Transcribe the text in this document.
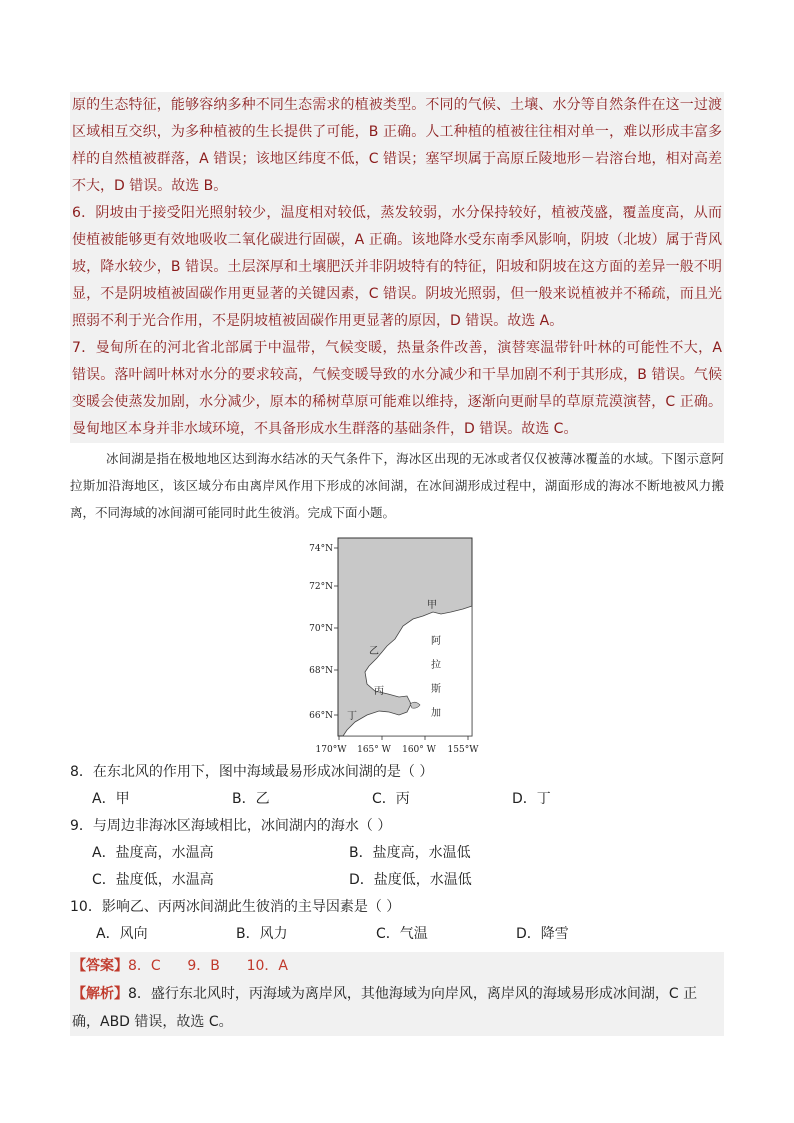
原的生态特征，能够容纳多种不同生态需求的植被类型。不同的气候、土壤、水分等自然条件在这一过渡区域相互交织，为多种植被的生长提供了可能，B 正确。人工种植的植被往往相对单一，难以形成丰富多样的自然植被群落，A 错误；该地区纬度不低，C 错误；塞罕坝属于高原丘陵地形－岩溶台地，相对高差不大，D 错误。故选 B。

6．阴坡由于接受阳光照射较少，温度相对较低，蒸发较弱，水分保持较好，植被茂盛，覆盖度高，从而使植被能够更有效地吸收二氧化碳进行固碳，A 正确。该地降水受东南季风影响，阴坡（北坡）属于背风坡，降水较少，B 错误。土层深厚和土壤肥沃并非阴坡特有的特征，阳坡和阴坡在这方面的差异一般不明显，不是阴坡植被固碳作用更显著的关键因素，C 错误。阴坡光照弱，但一般来说植被并不稀疏，而且光照弱不利于光合作用，不是阴坡植被固碳作用更显著的原因，D 错误。故选 A。

7．曼甸所在的河北省北部属于中温带，气候变暖，热量条件改善，演替寒温带针叶林的可能性不大，A 错误。落叶阔叶林对水分的要求较高，气候变暖导致的水分减少和干旱加剧不利于其形成，B 错误。气候变暖会使蒸发加剧，水分减少，原本的稀树草原可能难以维持，逐渐向更耐旱的草原荒漠演替，C 正确。曼甸地区本身并非水域环境，不具备形成水生群落的基础条件，D 错误。故选 C。

冰间湖是指在极地地区达到海水结冰的天气条件下，海冰区出现的无冰或者仅仅被薄冰覆盖的水域。下图示意阿拉斯加沿海地区，该区域分布由离岸风作用下形成的冰间湖，在冰间湖形成过程中，湖面形成的海冰不断地被风力搬离，不同海域的冰间湖可能同时此生彼消。完成下面小题。

74°N
72°N
70°N
68°N
66°N
170°W 165° W 160° W 155°W
甲
乙
丙
丁
阿
拉
斯
加

8．在东北风的作用下，图中海域最易形成冰间湖的是（ ）

A．甲	B．乙	C．丙	D．丁

9．与周边非海冰区海域相比，冰间湖内的海水（ ）

A．盐度高，水温高	B．盐度高，水温低
C．盐度低，水温高	D．盐度低，水温低

10．影响乙、丙两冰间湖此生彼消的主导因素是（ ）

A．风向	B．风力	C．气温	D．降雪

【答案】8．C      9．B      10．A

【解析】8．盛行东北风时，丙海域为离岸风，其他海域为向岸风，离岸风的海域易形成冰间湖，C 正确，ABD 错误，故选 C。
